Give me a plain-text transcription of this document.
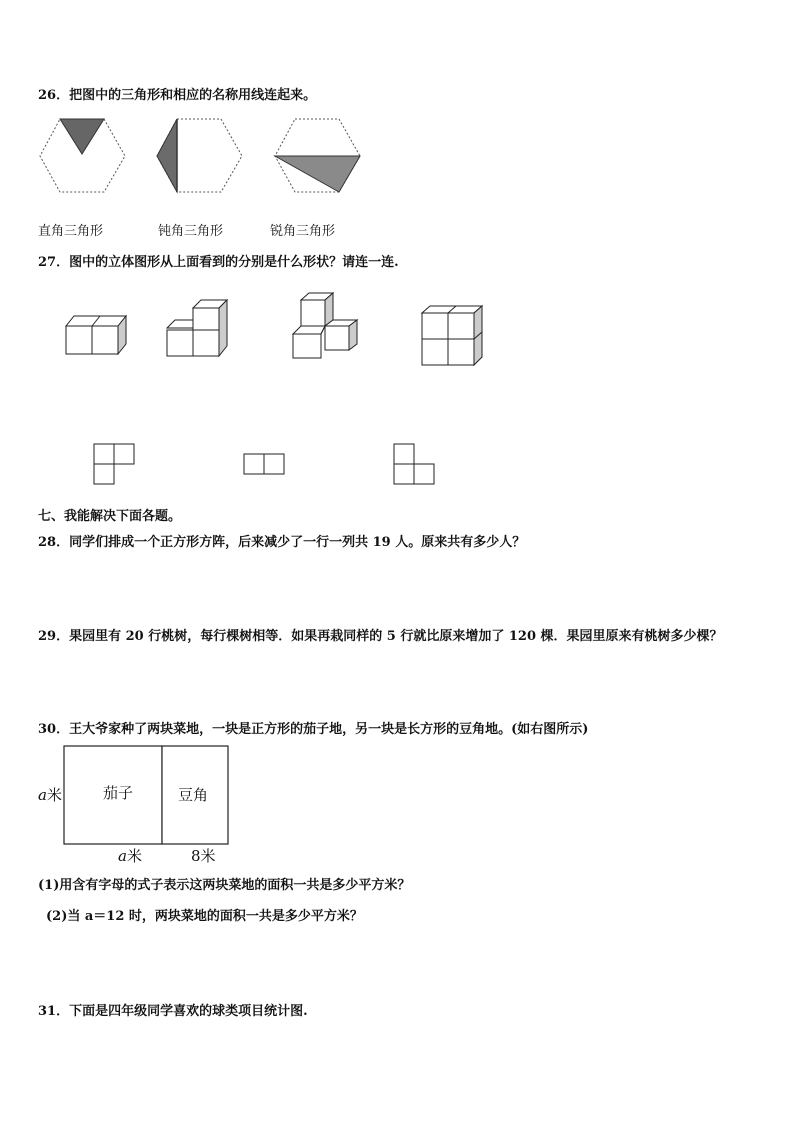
26．把图中的三角形和相应的名称用线连起来。
直角三角形	钝角三角形	锐角三角形
27．图中的立体图形从上面看到的分别是什么形状？请连一连.
七、我能解决下面各题。
28．同学们排成一个正方形方阵，后来减少了一行一列共 19 人。原来共有多少人？
29．果园里有 20 行桃树，每行棵树相等．如果再栽同样的 5 行就比原来增加了 120 棵．果园里原来有桃树多少棵？
30．王大爷家种了两块菜地，一块是正方形的茄子地，另一块是长方形的豆角地。(如右图所示)
a米	茄子	豆角
a米	8米
(1)用含有字母的式子表示这两块菜地的面积一共是多少平方米？
(2)当 a＝12 时，两块菜地的面积一共是多少平方米？
31．下面是四年级同学喜欢的球类项目统计图.
